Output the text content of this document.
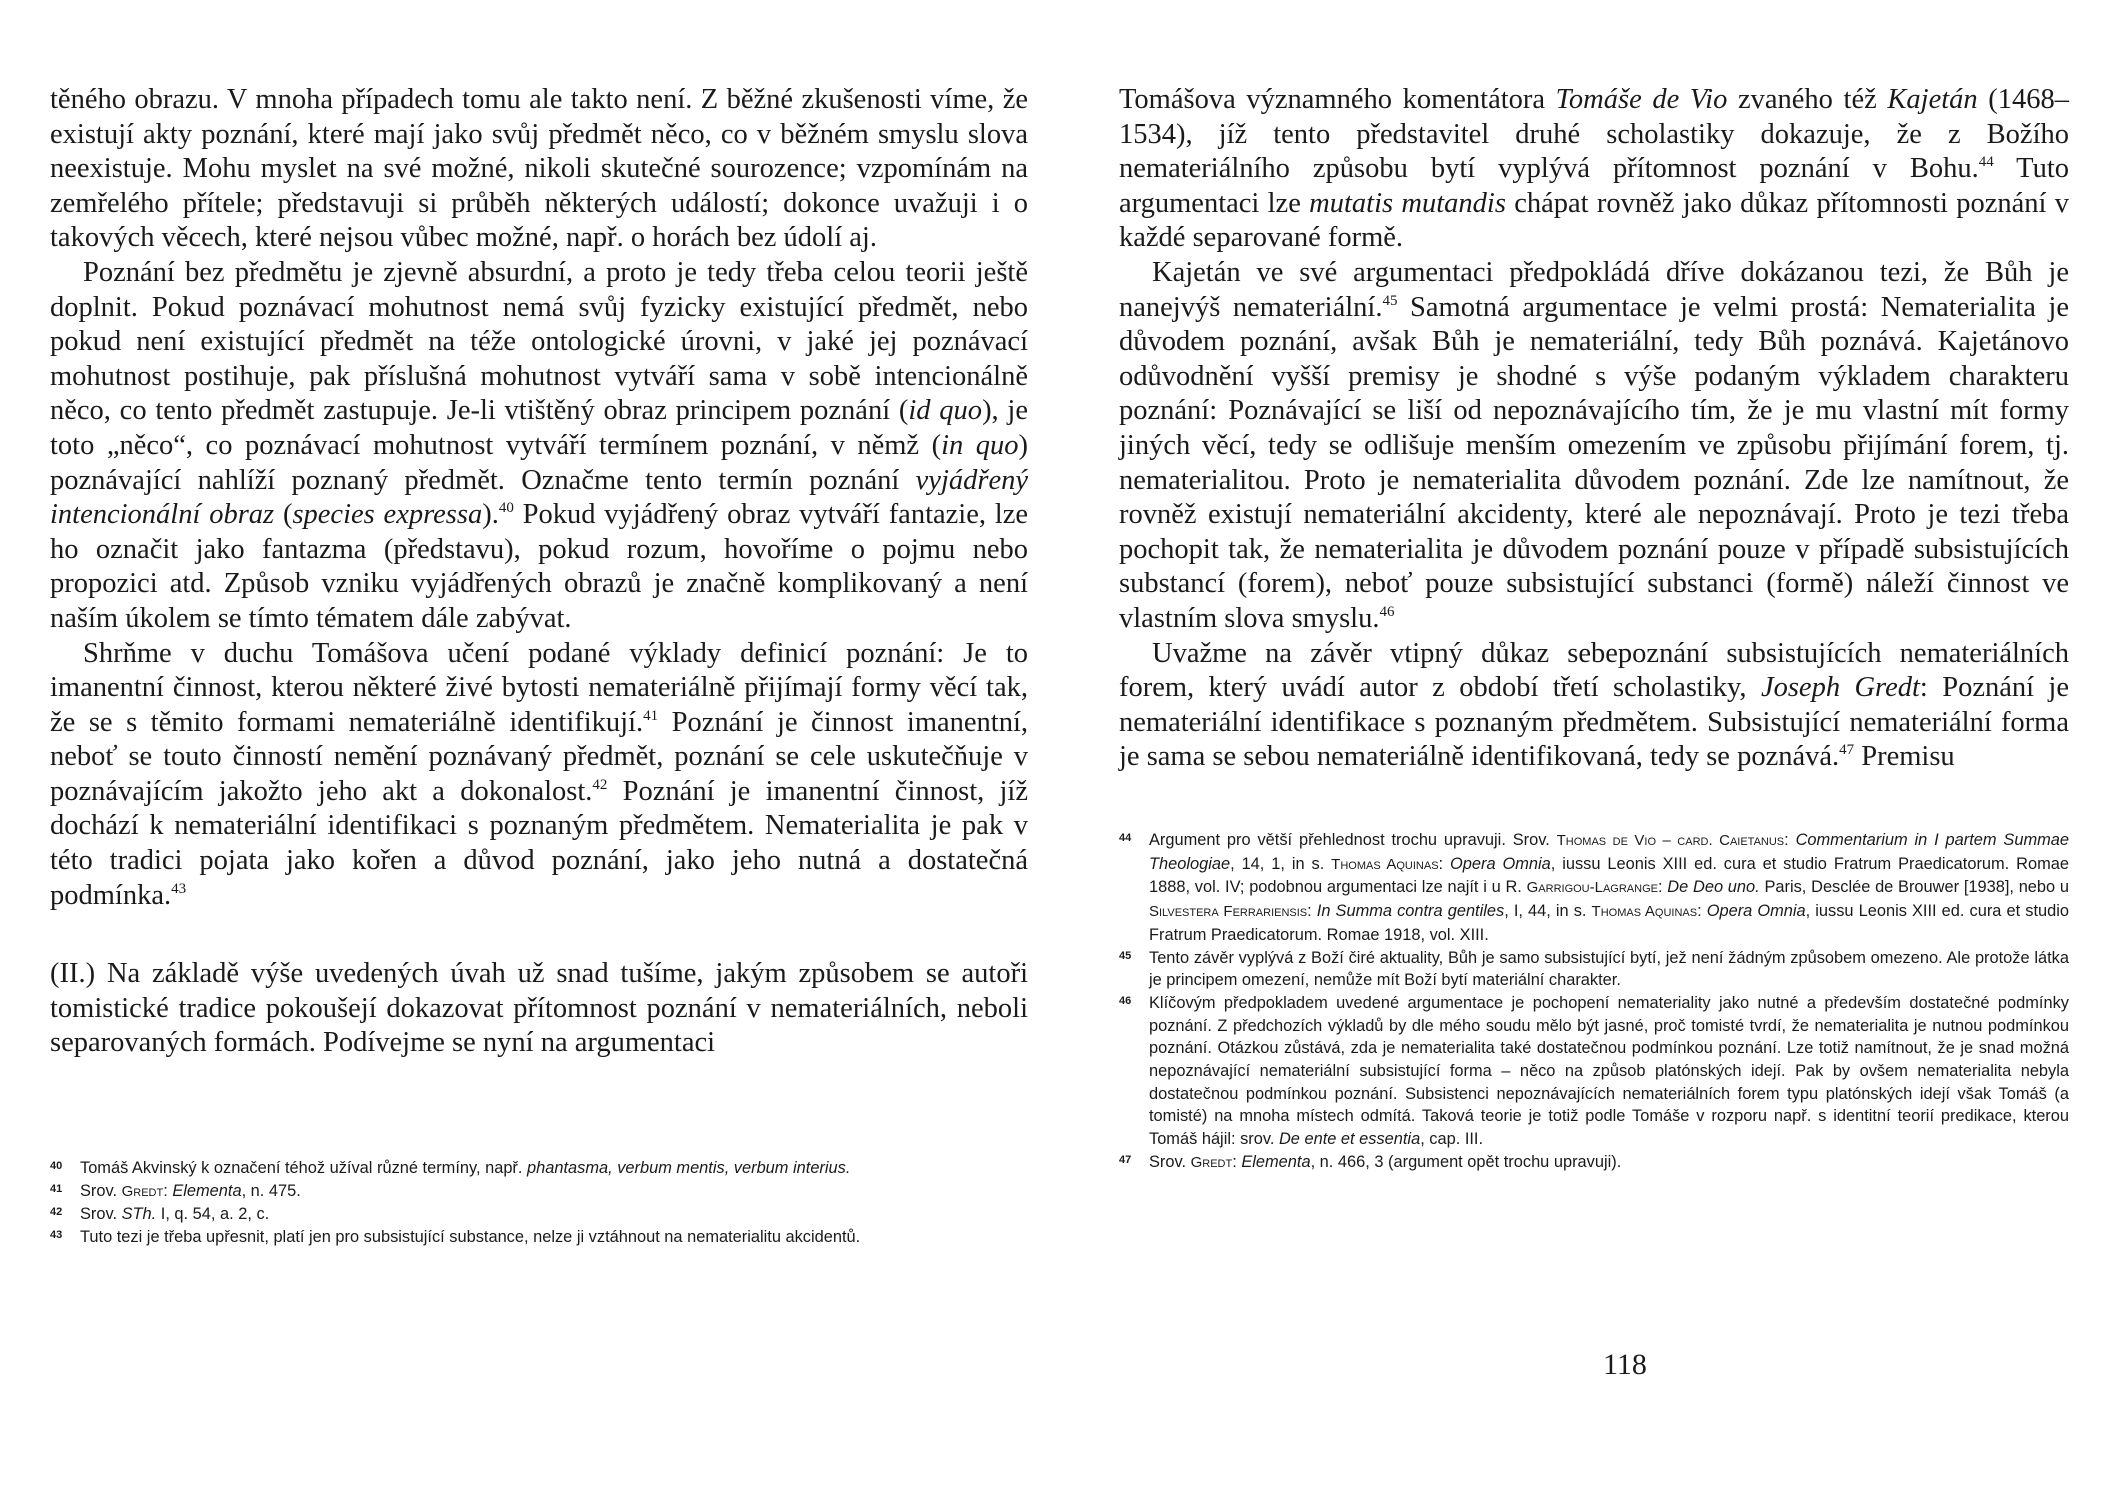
těného obrazu. V mnoha případech tomu ale takto není. Z běžné zkušenosti víme, že existují akty poznání, které mají jako svůj předmět něco, co v běžném smyslu slova neexistuje. Mohu myslet na své možné, nikoli skutečné sourozence; vzpomínám na zemřelého přítele; představuji si průběh některých událostí; dokonce uvažuji i o takových věcech, které nejsou vůbec možné, např. o horách bez údolí aj.

Poznání bez předmětu je zjevně absurdní, a proto je tedy třeba celou teorii ještě doplnit. Pokud poznávací mohutnost nemá svůj fyzicky existující předmět, nebo pokud není existující předmět na téže ontologické úrovni, v jaké jej poznávací mohutnost postihuje, pak příslušná mohutnost vytváří sama v sobě intencionálně něco, co tento předmět zastupuje. Je-li vtištěný obraz principem poznání (id quo), je toto „něco“, co poznávací mohutnost vytváří termínem poznání, v němž (in quo) poznávající nahlíží poznaný předmět. Označme tento termín poznání vyjádřený intencionální obraz (species expressa).$^{40}$ Pokud vyjádřený obraz vytváří fantazie, lze ho označit jako fantazma (představu), pokud rozum, hovoříme o pojmu nebo propozici atd. Způsob vzniku vyjádřených obrazů je značně komplikovaný a není naším úkolem se tímto tématem dále zabývat.

Shrňme v duchu Tomášova učení podané výklady definicí poznání: Je to imanentní činnost, kterou některé živé bytosti nemateriálně přijímají formy věcí tak, že se s těmito formami nemateriálně identifikují.$^{41}$ Poznání je činnost imanentní, neboť se touto činností nemění poznávaný předmět, poznání se cele uskutečňuje v poznávajícím jakožto jeho akt a dokonalost.$^{42}$ Poznání je imanentní činnost, jíž dochází k nemateriální identifikaci s poznaným předmětem. Nematerialita je pak v této tradici pojata jako kořen a důvod poznání, jako jeho nutná a dostatečná podmínka.$^{43}$

(II.) Na základě výše uvedených úvah už snad tušíme, jakým způsobem se autoři tomistické tradice pokoušejí dokazovat přítomnost poznání v nemateriálních, neboli separovaných formách. Podívejme se nyní na argumentaci

40	Tomáš Akvinský k označení téhož užíval různé termíny, např. phantasma, verbum mentis, verbum interius.
41	Srov. Gredt: Elementa, n. 475.
42	Srov. STh. I, q. 54, a. 2, c.
43	Tuto tezi je třeba upřesnit, platí jen pro subsistující substance, nelze ji vztáhnout na nematerialitu akcidentů.

Tomášova významného komentátora Tomáše de Vio zvaného též Kajetán (1468–1534), jíž tento představitel druhé scholastiky dokazuje, že z Božího nemateriálního způsobu bytí vyplývá přítomnost poznání v Bohu.$^{44}$ Tuto argumentaci lze mutatis mutandis chápat rovněž jako důkaz přítomnosti poznání v každé separované formě.

Kajetán ve své argumentaci předpokládá dříve dokázanou tezi, že Bůh je nanejvýš nemateriální.$^{45}$ Samotná argumentace je velmi prostá: Nematerialita je důvodem poznání, avšak Bůh je nemateriální, tedy Bůh poznává. Kajetánovo odůvodnění vyšší premisy je shodné s výše podaným výkladem charakteru poznání: Poznávající se liší od nepoznávajícího tím, že je mu vlastní mít formy jiných věcí, tedy se odlišuje menším omezením ve způsobu přijímání forem, tj. nematerialitou. Proto je nematerialita důvodem poznání. Zde lze namítnout, že rovněž existují nemateriální akcidenty, které ale nepoznávají. Proto je tezi třeba pochopit tak, že nematerialita je důvodem poznání pouze v případě subsistujících substancí (forem), neboť pouze subsistující substanci (formě) náleží činnost ve vlastním slova smyslu.$^{46}$

Uvažme na závěr vtipný důkaz sebepoznání subsistujících nemateriálních forem, který uvádí autor z období třetí scholastiky, Joseph Gredt: Poznání je nemateriální identifikace s poznaným předmětem. Subsistující nemateriální forma je sama se sebou nemateriálně identifikovaná, tedy se poznává.$^{47}$ Premisu

44	Argument pro větší přehlednost trochu upravuji. Srov. Thomas de Vio – card. Caietanus: Commentarium in I partem Summae Theologiae, 14, 1, in s. Thomas Aquinas: Opera Omnia, iussu Leonis XIII ed. cura et studio Fratrum Praedicatorum. Romae 1888, vol. IV; podobnou argumentaci lze najít i u R. Garrigou-Lagrange: De Deo uno. Paris, Desclée de Brouwer [1938], nebo u Silvestera Ferrariensis: In Summa contra gentiles, I, 44, in s. Thomas Aquinas: Opera Omnia, iussu Leonis XIII ed. cura et studio Fratrum Praedicatorum. Romae 1918, vol. XIII.
45	Tento závěr vyplývá z Boží čiré aktuality, Bůh je samo subsistující bytí, jež není žádným způsobem omezeno. Ale protože látka je principem omezení, nemůže mít Boží bytí materiální charakter.
46	Klíčovým předpokladem uvedené argumentace je pochopení nemateriality jako nutné a především dostatečné podmínky poznání. Z předchozích výkladů by dle mého soudu mělo být jasné, proč tomisté tvrdí, že nematerialita je nutnou podmínkou poznání. Otázkou zůstává, zda je nematerialita také dostatečnou podmínkou poznání. Lze totiž namítnout, že je snad možná nepoznávající nemateriální subsistující forma – něco na způsob platónských idejí. Pak by ovšem nematerialita nebyla dostatečnou podmínkou poznání. Subsistenci nepoznávajících nemateriálních forem typu platónských idejí však Tomáš (a tomisté) na mnoha místech odmítá. Taková teorie je totiž podle Tomáše v rozporu např. s identitní teorií predikace, kterou Tomáš hájil: srov. De ente et essentia, cap. III.
47	Srov. Gredt: Elementa, n. 466, 3 (argument opět trochu upravuji).
118
